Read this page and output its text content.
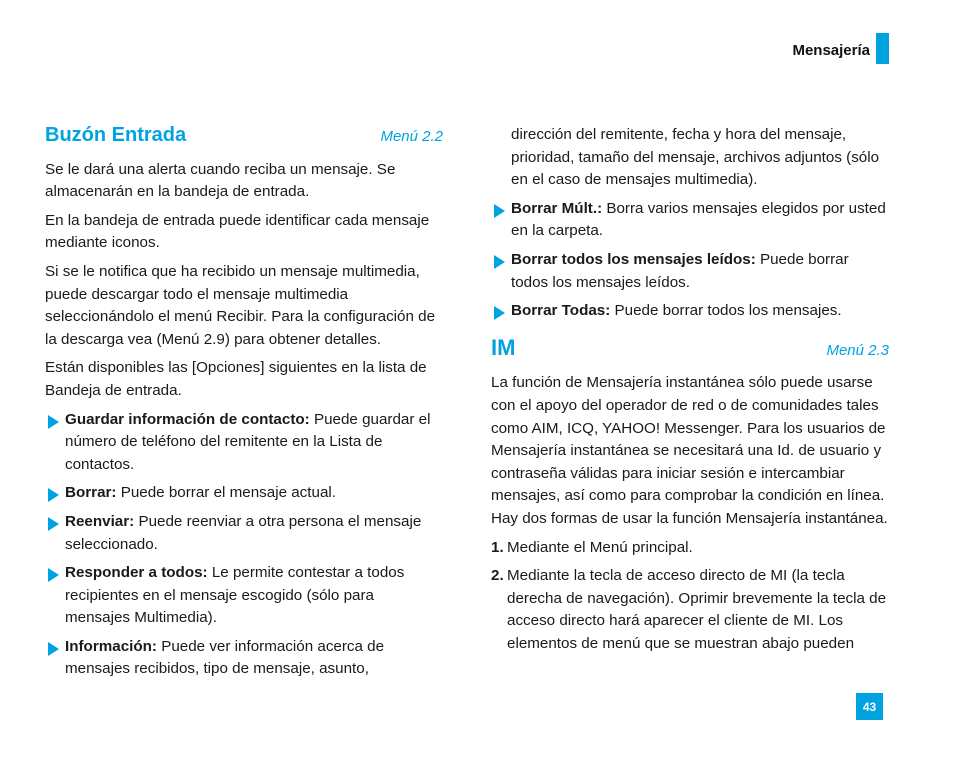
Mensajería
Buzón Entrada	Menú 2.2

Se le dará una alerta cuando reciba un mensaje. Se almacenarán en la bandeja de entrada.

En la bandeja de entrada puede identificar cada mensaje mediante iconos.

Si se le notifica que ha recibido un mensaje multimedia, puede descargar todo el mensaje multimedia seleccionándolo el menú Recibir. Para la configuración de la descarga vea (Menú 2.9) para obtener detalles.

Están disponibles las [Opciones] siguientes en la lista de Bandeja de entrada.

Guardar información de contacto: Puede guardar el número de teléfono del remitente en la Lista de contactos.
Borrar: Puede borrar el mensaje actual.
Reenviar: Puede reenviar a otra persona el mensaje seleccionado.
Responder a todos: Le permite contestar a todos recipientes en el mensaje escogido (sólo para mensajes Multimedia).
Información: Puede ver información acerca de mensajes recibidos, tipo de mensaje, asunto,

dirección del remitente, fecha y hora del mensaje, prioridad, tamaño del mensaje, archivos adjuntos (sólo en el caso de mensajes multimedia).

Borrar Múlt.: Borra varios mensajes elegidos por usted en la carpeta.
Borrar todos los mensajes leídos: Puede borrar todos los mensajes leídos.
Borrar Todas: Puede borrar todos los mensajes.
IM	Menú 2.3

La función de Mensajería instantánea sólo puede usarse con el apoyo del operador de red o de comunidades tales como AIM, ICQ, YAHOO! Messenger. Para los usuarios de Mensajería instantánea se necesitará una Id. de usuario y contraseña válidas para iniciar sesión e intercambiar mensajes, así como para comprobar la condición en línea. Hay dos formas de usar la función Mensajería instantánea.

1. Mediante el Menú principal.
2. Mediante la tecla de acceso directo de MI (la tecla derecha de navegación). Oprimir brevemente la tecla de acceso directo hará aparecer el cliente de MI. Los elementos de menú que se muestran abajo pueden
43
